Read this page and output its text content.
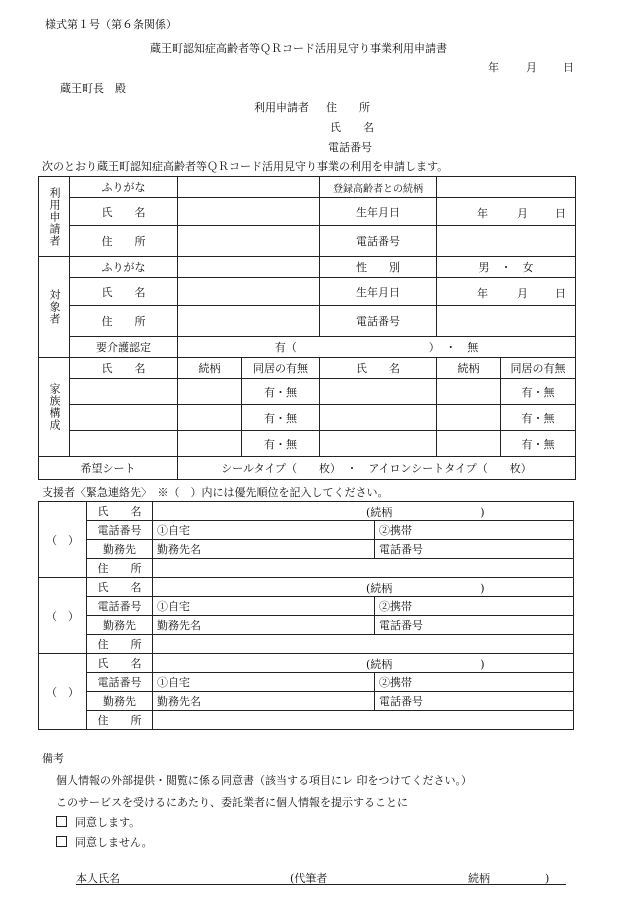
様式第１号（第６条関係）
蔵王町認知症高齢者等ＱＲコード活用見守り事業利用申請書
年 月 日
蔵王町長　殿
利用申請者 住　　所
氏　　名
電話番号
次のとおり蔵王町認知症高齢者等ＱＲコード活用見守り事業の利用を申請します。
利用申請者	ふりがな			登録高齢者との続柄		
	氏　　名			生年月日	年 月 日	

	住　　所			電話番号		
対象者	ふりがな			性　　別	男　・　女	
	氏　　名			生年月日	年 月 日	

	住　　所			電話番号		
	要介護認定	有（　　　　　　　　　　　　）　・　無				
家族構成	氏　　名	続柄	同居の有無	氏　　名	続柄	同居の有無
			有・無			有・無
			有・無			有・無
			有・無			有・無
希望シート		シールタイプ（　　枚）　・　アイロンシートタイプ（　　枚）				
支援者〈緊急連絡先〉　※（　）内には優先順位を記入してください。
（　）	氏　　名	(続柄　　　　　　　　)	

	電話番号	①自宅	②携帯
	勤務先	勤務先名	電話番号
	住　　所		
（　）	氏　　名	(続柄　　　　　　　　)	

	電話番号	①自宅	②携帯
	勤務先	勤務先名	電話番号
	住　　所		
（　）	氏　　名	(続柄　　　　　　　　)	

	電話番号	①自宅	②携帯
	勤務先	勤務先名	電話番号
	住　　所		
備考
個人情報の外部提供・閲覧に係る同意書（該当する項目にレ 印をつけてください。）
このサービスを受けるにあたり、委託業者に個人情報を提示することに
同意します。
同意しません。
本人氏名	(代筆者	続柄　　　　　)
